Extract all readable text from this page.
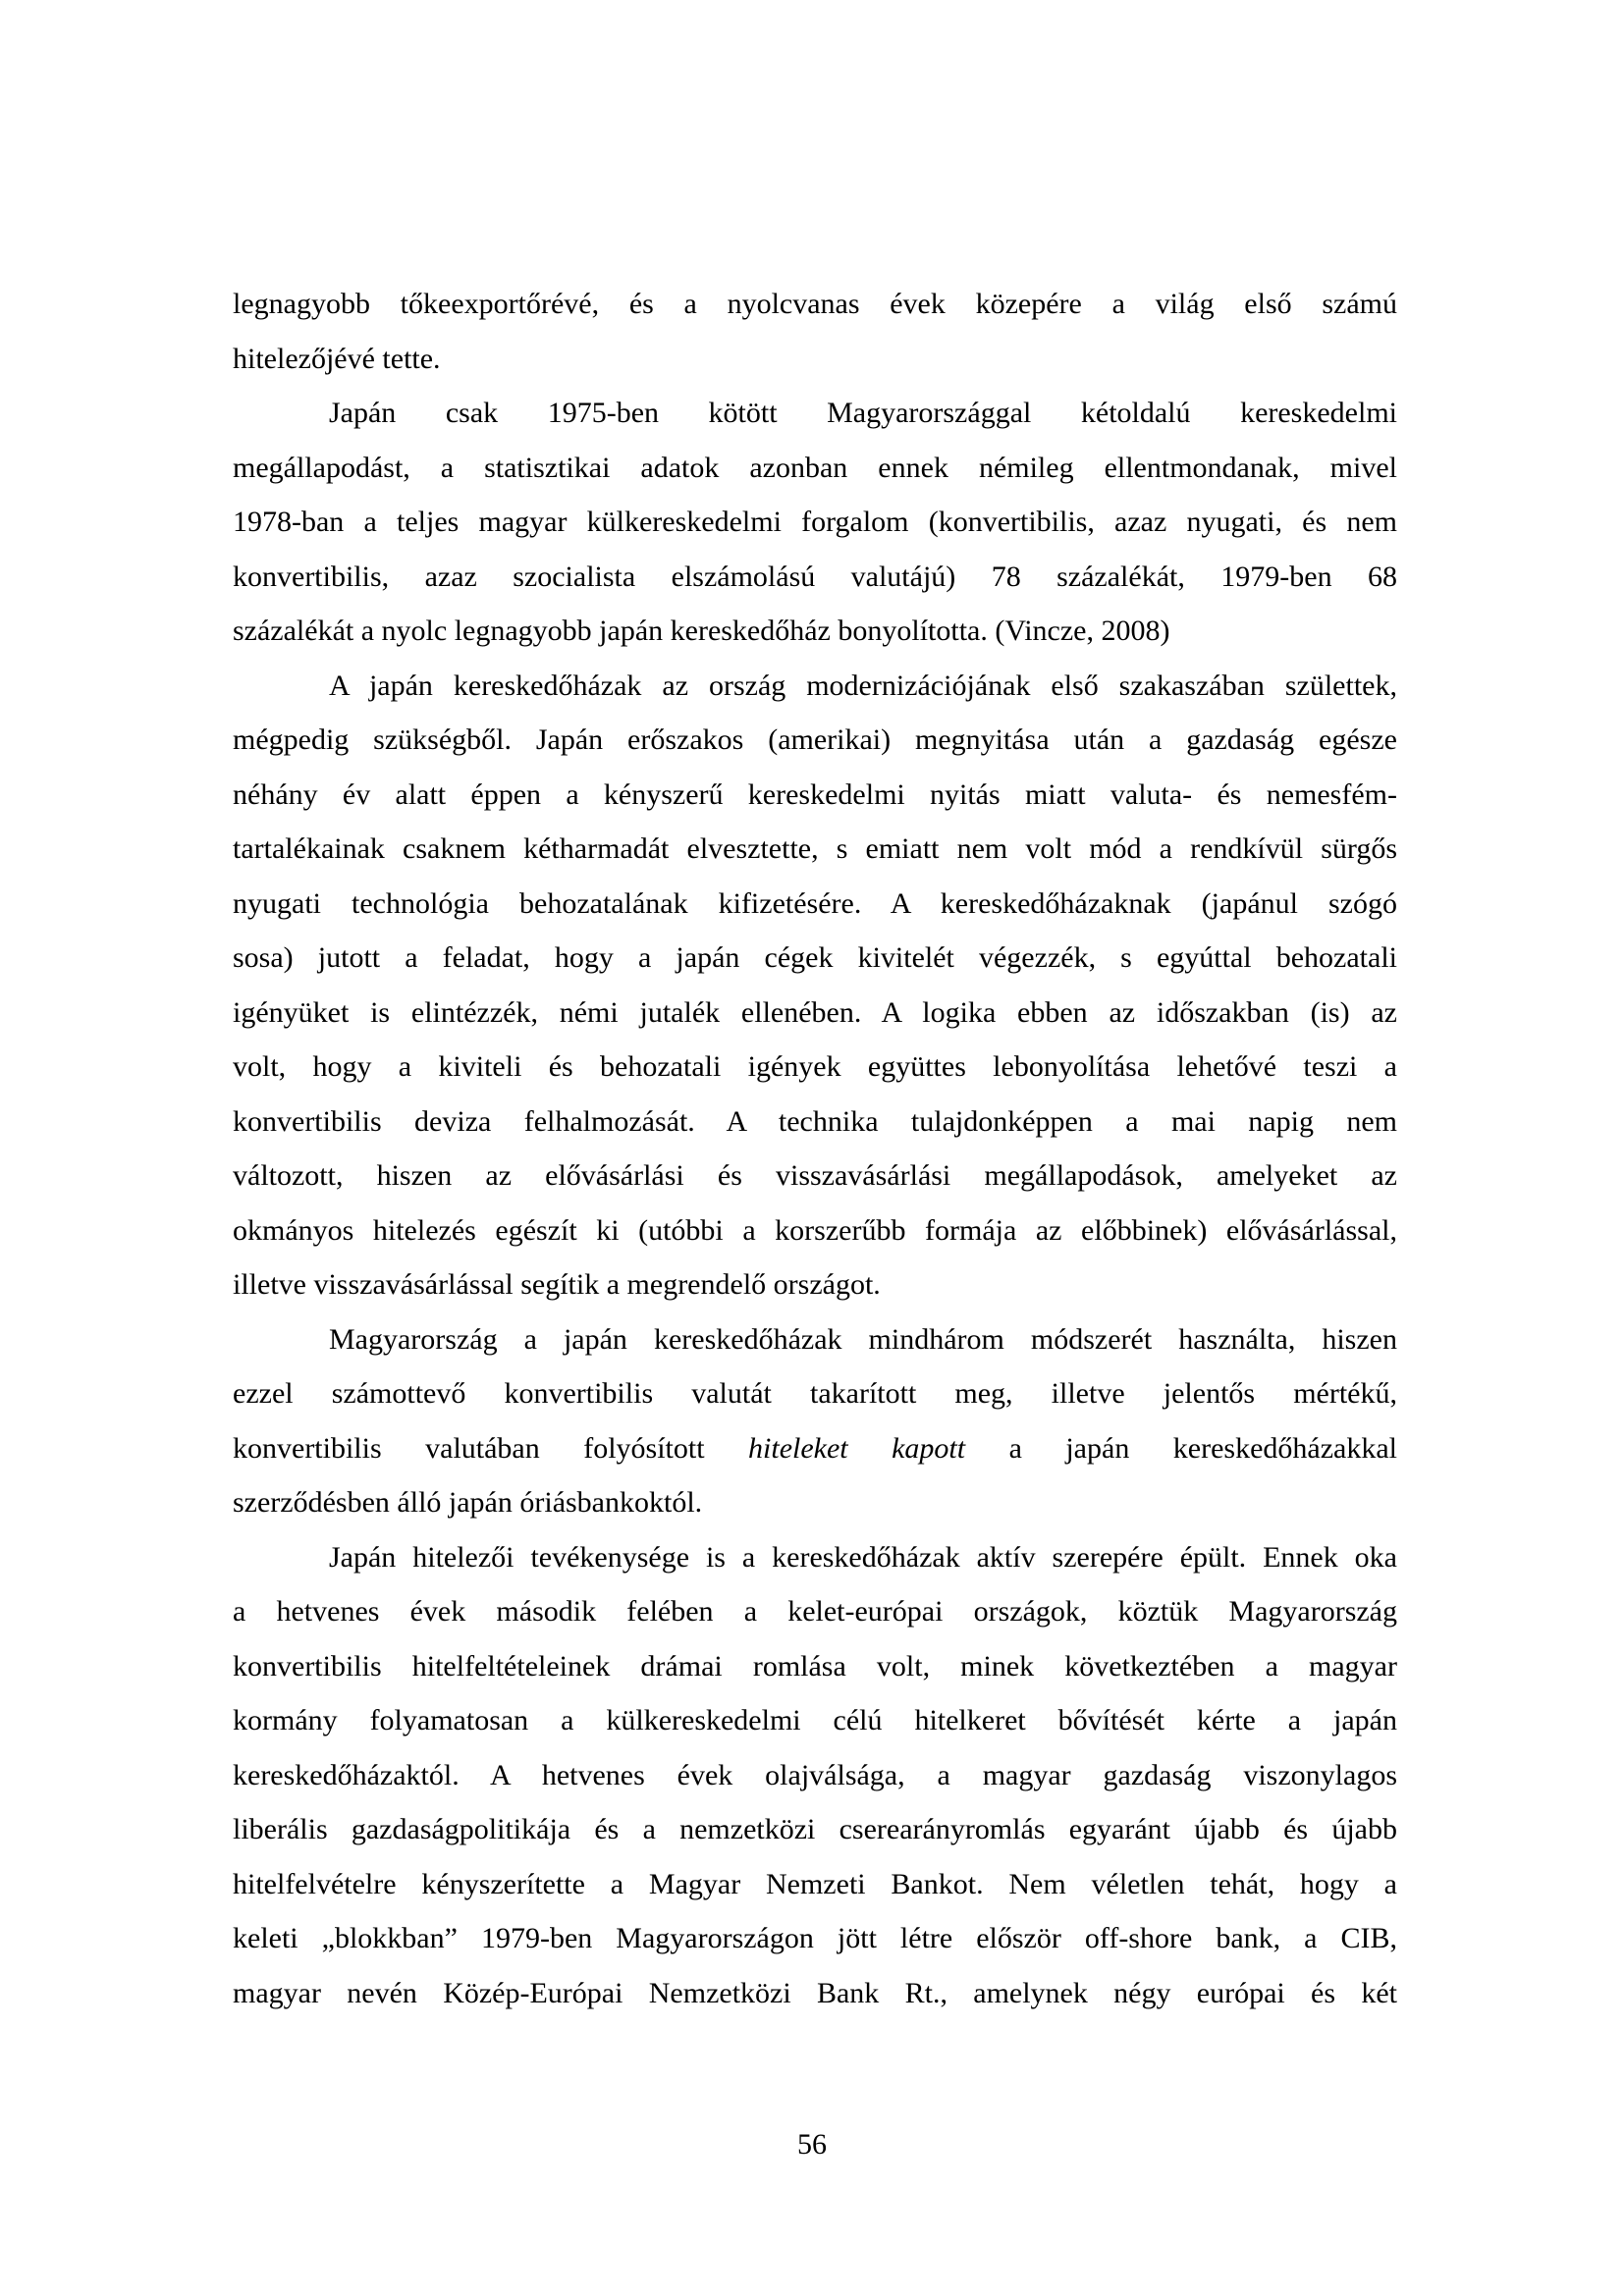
legnagyobb tőkeexportőrévé, és a nyolcvanas évek közepére a világ első számú
hitelezőjévé tette.
Japán csak 1975-ben kötött Magyarországgal kétoldalú kereskedelmi
megállapodást, a statisztikai adatok azonban ennek némileg ellentmondanak, mivel
1978-ban a teljes magyar külkereskedelmi forgalom (konvertibilis, azaz nyugati, és nem
konvertibilis, azaz szocialista elszámolású valutájú) 78 százalékát, 1979-ben 68
százalékát a nyolc legnagyobb japán kereskedőház bonyolította. (Vincze, 2008)
A japán kereskedőházak az ország modernizációjának első szakaszában születtek,
mégpedig szükségből. Japán erőszakos (amerikai) megnyitása után a gazdaság egésze
néhány év alatt éppen a kényszerű kereskedelmi nyitás miatt valuta- és nemesfém-
tartalékainak csaknem kétharmadát elvesztette, s emiatt nem volt mód a rendkívül sürgős
nyugati technológia behozatalának kifizetésére. A kereskedőházaknak (japánul szógó
sosa) jutott a feladat, hogy a japán cégek kivitelét végezzék, s egyúttal behozatali
igényüket is elintézzék, némi jutalék ellenében. A logika ebben az időszakban (is) az
volt, hogy a kiviteli és behozatali igények együttes lebonyolítása lehetővé teszi a
konvertibilis deviza felhalmozását. A technika tulajdonképpen a mai napig nem
változott, hiszen az elővásárlási és visszavásárlási megállapodások, amelyeket az
okmányos hitelezés egészít ki (utóbbi a korszerűbb formája az előbbinek) elővásárlással,
illetve visszavásárlással segítik a megrendelő országot.
Magyarország a japán kereskedőházak mindhárom módszerét használta, hiszen
ezzel számottevő konvertibilis valutát takarított meg, illetve jelentős mértékű,
konvertibilis valutában folyósított hiteleket kapott a japán kereskedőházakkal
szerződésben álló japán óriásbankoktól.
Japán hitelezői tevékenysége is a kereskedőházak aktív szerepére épült. Ennek oka
a hetvenes évek második felében a kelet-európai országok, köztük Magyarország
konvertibilis hitelfeltételeinek drámai romlása volt, minek következtében a magyar
kormány folyamatosan a külkereskedelmi célú hitelkeret bővítését kérte a japán
kereskedőházaktól. A hetvenes évek olajválsága, a magyar gazdaság viszonylagos
liberális gazdaságpolitikája és a nemzetközi cserearányromlás egyaránt újabb és újabb
hitelfelvételre kényszerítette a Magyar Nemzeti Bankot. Nem véletlen tehát, hogy a
keleti „blokkban” 1979-ben Magyarországon jött létre először off-shore bank, a CIB,
magyar nevén Közép-Európai Nemzetközi Bank Rt., amelynek négy európai és két
56
